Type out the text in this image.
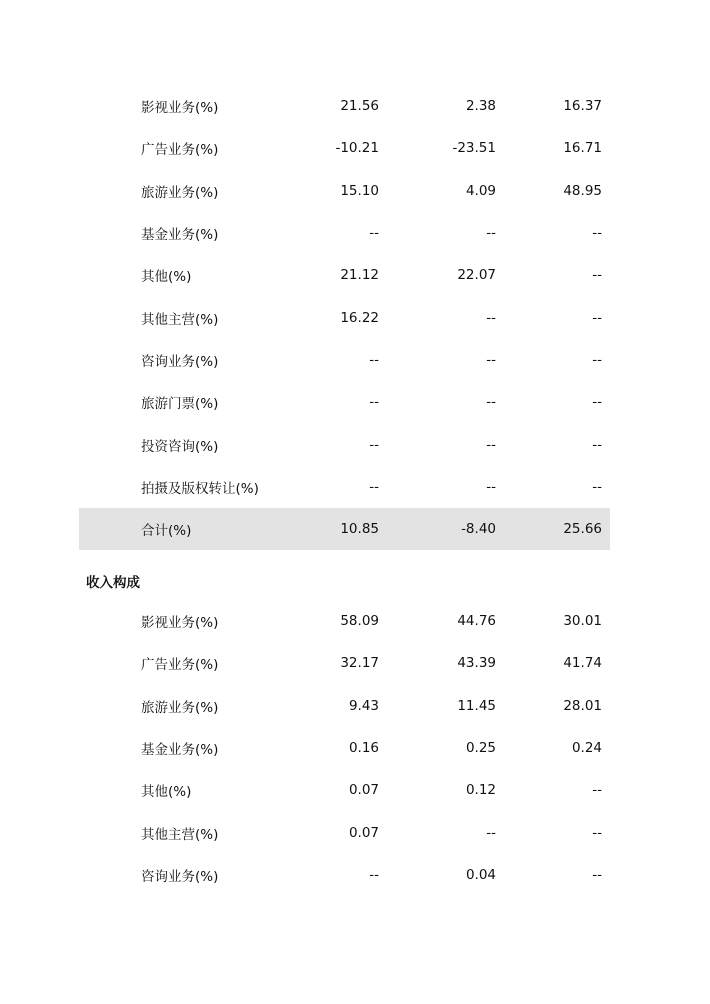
影视业务(%)	21.56	2.38	16.37
广告业务(%)	-10.21	-23.51	16.71
旅游业务(%)	15.10	4.09	48.95
基金业务(%)	--	--	--
其他(%)	21.12	22.07	--
其他主营(%)	16.22	--	--
咨询业务(%)	--	--	--
旅游门票(%)	--	--	--
投资咨询(%)	--	--	--
拍摄及版权转让(%)	--	--	--
合计(%)	10.85	-8.40	25.66
收入构成
影视业务(%)	58.09	44.76	30.01
广告业务(%)	32.17	43.39	41.74
旅游业务(%)	9.43	11.45	28.01
基金业务(%)	0.16	0.25	0.24
其他(%)	0.07	0.12	--
其他主营(%)	0.07	--	--
咨询业务(%)	--	0.04	--
